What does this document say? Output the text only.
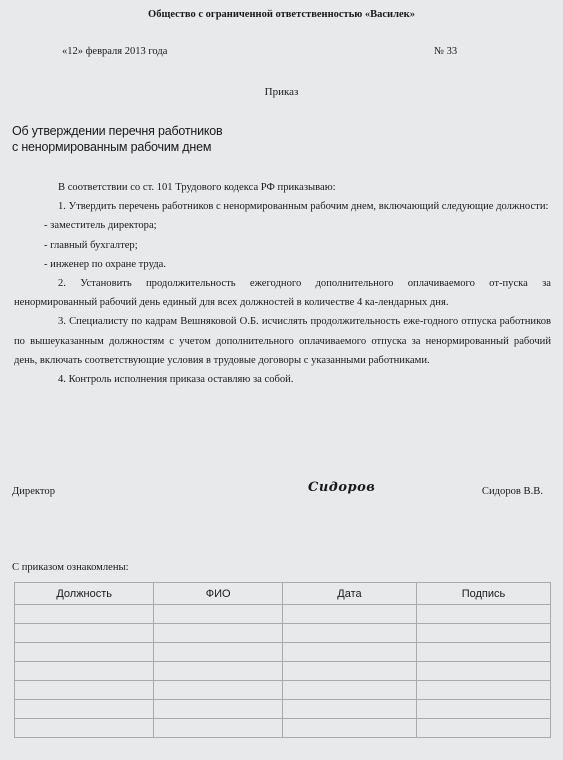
Общество с ограниченной ответственностью «Василек»
«12» февраля 2013 года	№ 33
Приказ
Об утверждении перечня работников
с ненормированным рабочим днем

В соответствии со ст. 101 Трудового кодекса РФ приказываю:

1. Утвердить перечень работников с ненормированным рабочим днем, включающий следующие должности:

- заместитель директора;

- главный бухгалтер;

- инженер по охране труда.

2. Установить продолжительность ежегодного дополнительного оплачиваемого от-пуска за ненормированный рабочий день единый для всех должностей в количестве 4 ка-лендарных дня.

3. Специалисту по кадрам Вешняковой О.Б. исчислять продолжительность еже-годного отпуска работников по вышеуказанным должностям с учетом дополнительного оплачиваемого отпуска за ненормированный рабочий день, включать соответствующие условия в трудовые договоры с указанными работниками.

4. Контроль исполнения приказа оставляю за собой.

Директор	Сидоров	Сидоров В.В.
С приказом ознакомлены:
Должность	ФИО	Дата	Подпись
